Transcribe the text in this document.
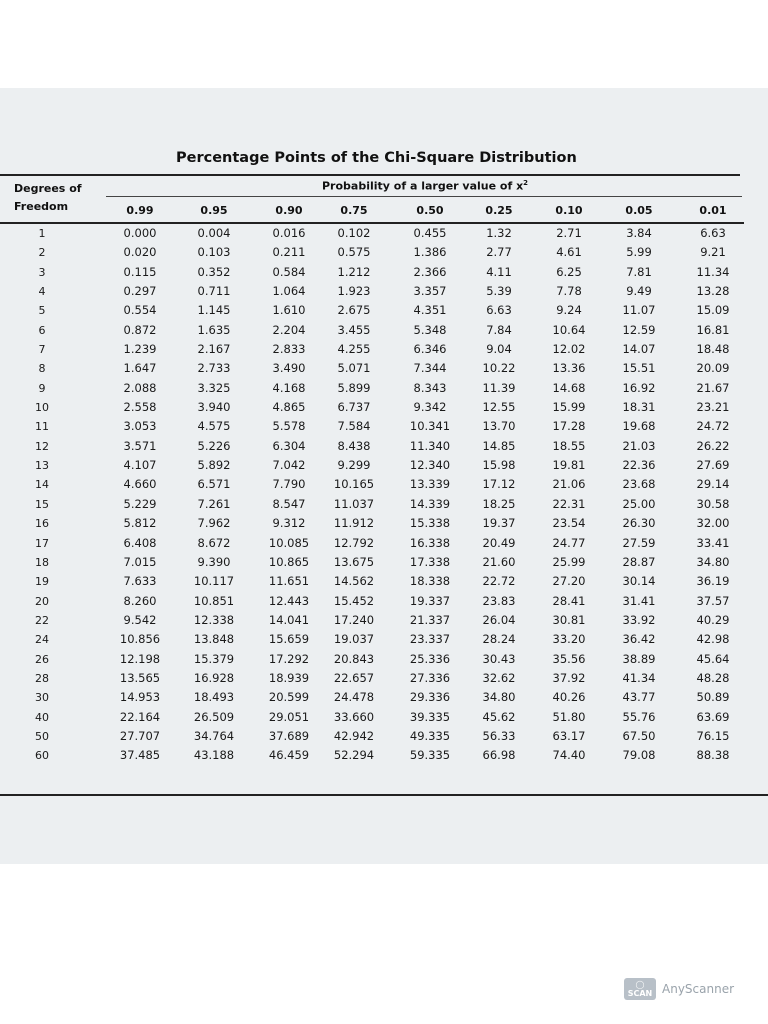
Percentage Points of the Chi-Square Distribution
Degrees of
Freedom
Probability of a larger value of $x^2$
0.99	0.95	0.90	0.75	0.50	0.25	0.10	0.05	0.01
1	0.000	0.004	0.016	0.102	0.455	1.32	2.71	3.84	6.63
2	0.020	0.103	0.211	0.575	1.386	2.77	4.61	5.99	9.21
3	0.115	0.352	0.584	1.212	2.366	4.11	6.25	7.81	11.34
4	0.297	0.711	1.064	1.923	3.357	5.39	7.78	9.49	13.28
5	0.554	1.145	1.610	2.675	4.351	6.63	9.24	11.07	15.09
6	0.872	1.635	2.204	3.455	5.348	7.84	10.64	12.59	16.81
7	1.239	2.167	2.833	4.255	6.346	9.04	12.02	14.07	18.48
8	1.647	2.733	3.490	5.071	7.344	10.22	13.36	15.51	20.09
9	2.088	3.325	4.168	5.899	8.343	11.39	14.68	16.92	21.67
10	2.558	3.940	4.865	6.737	9.342	12.55	15.99	18.31	23.21
11	3.053	4.575	5.578	7.584	10.341	13.70	17.28	19.68	24.72
12	3.571	5.226	6.304	8.438	11.340	14.85	18.55	21.03	26.22
13	4.107	5.892	7.042	9.299	12.340	15.98	19.81	22.36	27.69
14	4.660	6.571	7.790	10.165	13.339	17.12	21.06	23.68	29.14
15	5.229	7.261	8.547	11.037	14.339	18.25	22.31	25.00	30.58
16	5.812	7.962	9.312	11.912	15.338	19.37	23.54	26.30	32.00
17	6.408	8.672	10.085	12.792	16.338	20.49	24.77	27.59	33.41
18	7.015	9.390	10.865	13.675	17.338	21.60	25.99	28.87	34.80
19	7.633	10.117	11.651	14.562	18.338	22.72	27.20	30.14	36.19
20	8.260	10.851	12.443	15.452	19.337	23.83	28.41	31.41	37.57
22	9.542	12.338	14.041	17.240	21.337	26.04	30.81	33.92	40.29
24	10.856	13.848	15.659	19.037	23.337	28.24	33.20	36.42	42.98
26	12.198	15.379	17.292	20.843	25.336	30.43	35.56	38.89	45.64
28	13.565	16.928	18.939	22.657	27.336	32.62	37.92	41.34	48.28
30	14.953	18.493	20.599	24.478	29.336	34.80	40.26	43.77	50.89
40	22.164	26.509	29.051	33.660	39.335	45.62	51.80	55.76	63.69
50	27.707	34.764	37.689	42.942	49.335	56.33	63.17	67.50	76.15
60	37.485	43.188	46.459	52.294	59.335	66.98	74.40	79.08	88.38
◯
SCAN AnyScanner
